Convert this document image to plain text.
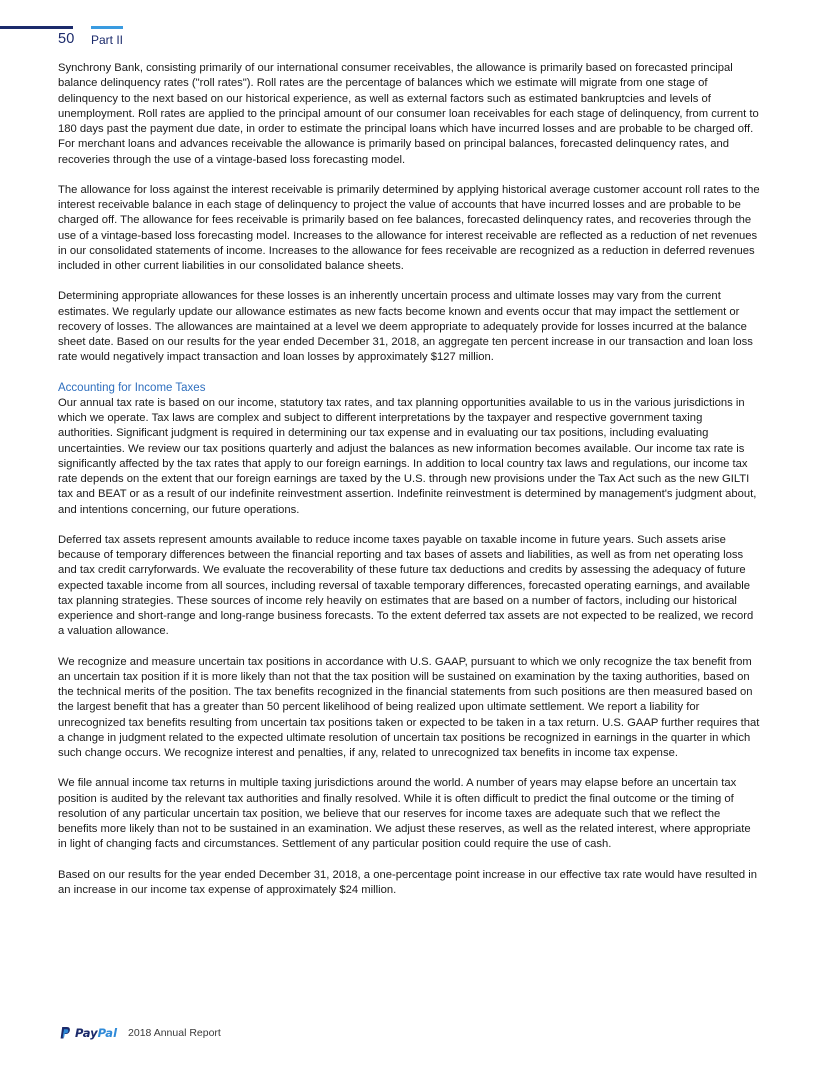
50 Part II

Synchrony Bank, consisting primarily of our international consumer receivables, the allowance is primarily based on forecasted principal balance delinquency rates ("roll rates"). Roll rates are the percentage of balances which we estimate will migrate from one stage of delinquency to the next based on our historical experience, as well as external factors such as estimated bankruptcies and levels of unemployment. Roll rates are applied to the principal amount of our consumer loan receivables for each stage of delinquency, from current to 180 days past the payment due date, in order to estimate the principal loans which have incurred losses and are probable to be charged off. For merchant loans and advances receivable the allowance is primarily based on principal balances, forecasted delinquency rates, and recoveries through the use of a vintage-based loss forecasting model.

The allowance for loss against the interest receivable is primarily determined by applying historical average customer account roll rates to the interest receivable balance in each stage of delinquency to project the value of accounts that have incurred losses and are probable to be charged off. The allowance for fees receivable is primarily based on fee balances, forecasted delinquency rates, and recoveries through the use of a vintage-based loss forecasting model. Increases to the allowance for interest receivable are reflected as a reduction of net revenues in our consolidated statements of income. Increases to the allowance for fees receivable are recognized as a reduction in deferred revenues included in other current liabilities in our consolidated balance sheets.

Determining appropriate allowances for these losses is an inherently uncertain process and ultimate losses may vary from the current estimates. We regularly update our allowance estimates as new facts become known and events occur that may impact the settlement or recovery of losses. The allowances are maintained at a level we deem appropriate to adequately provide for losses incurred at the balance sheet date. Based on our results for the year ended December 31, 2018, an aggregate ten percent increase in our transaction and loan loss rate would negatively impact transaction and loan losses by approximately $127 million.

Accounting for Income Taxes

Our annual tax rate is based on our income, statutory tax rates, and tax planning opportunities available to us in the various jurisdictions in which we operate. Tax laws are complex and subject to different interpretations by the taxpayer and respective government taxing authorities. Significant judgment is required in determining our tax expense and in evaluating our tax positions, including evaluating uncertainties. We review our tax positions quarterly and adjust the balances as new information becomes available. Our income tax rate is significantly affected by the tax rates that apply to our foreign earnings. In addition to local country tax laws and regulations, our income tax rate depends on the extent that our foreign earnings are taxed by the U.S. through new provisions under the Tax Act such as the new GILTI tax and BEAT or as a result of our indefinite reinvestment assertion. Indefinite reinvestment is determined by management's judgment about, and intentions concerning, our future operations.

Deferred tax assets represent amounts available to reduce income taxes payable on taxable income in future years. Such assets arise because of temporary differences between the financial reporting and tax bases of assets and liabilities, as well as from net operating loss and tax credit carryforwards. We evaluate the recoverability of these future tax deductions and credits by assessing the adequacy of future expected taxable income from all sources, including reversal of taxable temporary differences, forecasted operating earnings, and available tax planning strategies. These sources of income rely heavily on estimates that are based on a number of factors, including our historical experience and short-range and long-range business forecasts. To the extent deferred tax assets are not expected to be realized, we record a valuation allowance.

We recognize and measure uncertain tax positions in accordance with U.S. GAAP, pursuant to which we only recognize the tax benefit from an uncertain tax position if it is more likely than not that the tax position will be sustained on examination by the taxing authorities, based on the technical merits of the position. The tax benefits recognized in the financial statements from such positions are then measured based on the largest benefit that has a greater than 50 percent likelihood of being realized upon ultimate settlement. We report a liability for unrecognized tax benefits resulting from uncertain tax positions taken or expected to be taken in a tax return. U.S. GAAP further requires that a change in judgment related to the expected ultimate resolution of uncertain tax positions be recognized in earnings in the quarter in which such change occurs. We recognize interest and penalties, if any, related to unrecognized tax benefits in income tax expense.

We file annual income tax returns in multiple taxing jurisdictions around the world. A number of years may elapse before an uncertain tax position is audited by the relevant tax authorities and finally resolved. While it is often difficult to predict the final outcome or the timing of resolution of any particular uncertain tax position, we believe that our reserves for income taxes are adequate such that we reflect the benefits more likely than not to be sustained in an examination. We adjust these reserves, as well as the related interest, where appropriate in light of changing facts and circumstances. Settlement of any particular position could require the use of cash.

Based on our results for the year ended December 31, 2018, a one-percentage point increase in our effective tax rate would have resulted in an increase in our income tax expense of approximately $24 million.

Pay Pal 2018 Annual Report
